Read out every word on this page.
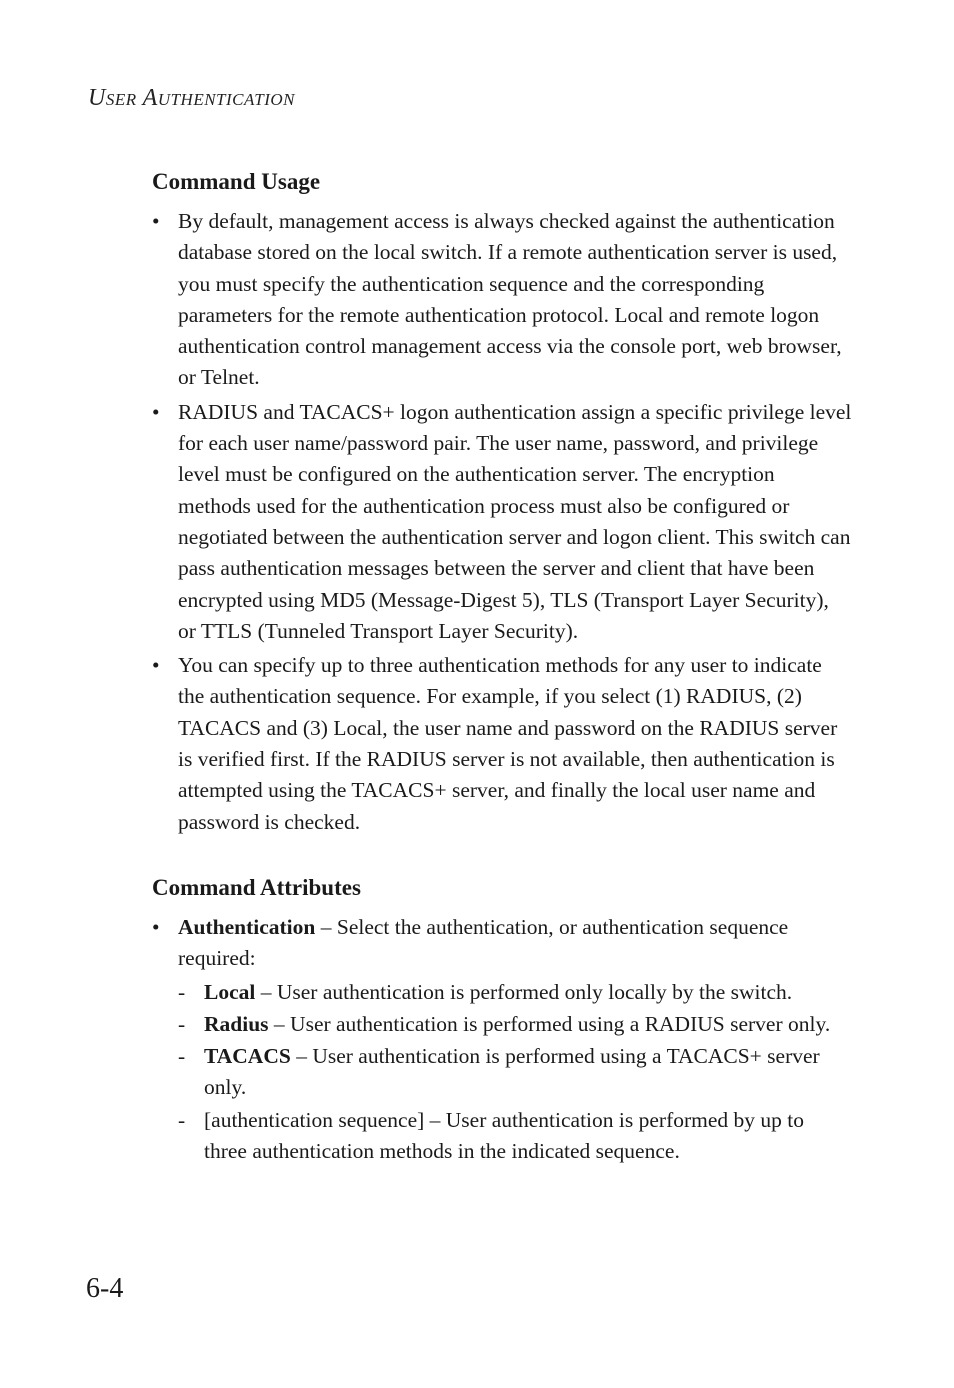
User Authentication
Command Usage
• By default, management access is always checked against the authentication database stored on the local switch. If a remote authentication server is used, you must specify the authentication sequence and the corresponding parameters for the remote authentication protocol. Local and remote logon authentication control management access via the console port, web browser, or Telnet.
• RADIUS and TACACS+ logon authentication assign a specific privilege level for each user name/password pair. The user name, password, and privilege level must be configured on the authentication server. The encryption methods used for the authentication process must also be configured or negotiated between the authentication server and logon client. This switch can pass authentication messages between the server and client that have been encrypted using MD5 (Message-Digest 5), TLS (Transport Layer Security), or TTLS (Tunneled Transport Layer Security).
• You can specify up to three authentication methods for any user to indicate the authentication sequence. For example, if you select (1) RADIUS, (2) TACACS and (3) Local, the user name and password on the RADIUS server is verified first. If the RADIUS server is not available, then authentication is attempted using the TACACS+ server, and finally the local user name and password is checked.
Command Attributes
• Authentication – Select the authentication, or authentication sequence required:
- Local – User authentication is performed only locally by the switch.
- Radius – User authentication is performed using a RADIUS server only.
- TACACS – User authentication is performed using a TACACS+ server only.
- [authentication sequence] – User authentication is performed by up to three authentication methods in the indicated sequence.
6-4
